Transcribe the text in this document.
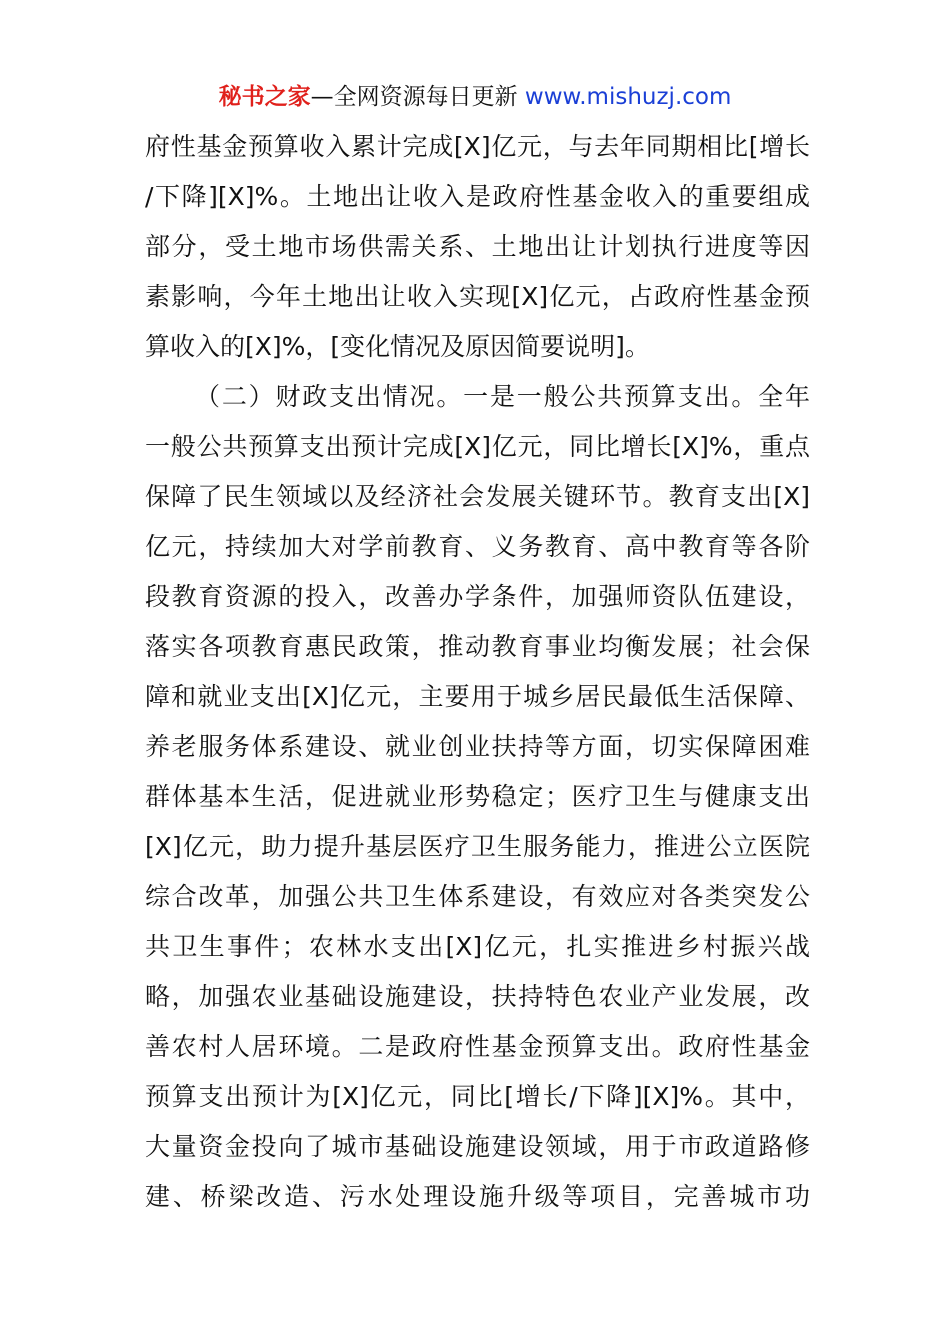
秘书之家—全网资源每日更新 www.mishuzj.com
府性基金预算收入累计完成[X]亿元，与去年同期相比[增长
/下降][X]%。土地出让收入是政府性基金收入的重要组成
部分，受土地市场供需关系、土地出让计划执行进度等因
素影响，今年土地出让收入实现[X]亿元，占政府性基金预
算收入的[X]%，[变化情况及原因简要说明]。
（二）财政支出情况。一是一般公共预算支出。全年
一般公共预算支出预计完成[X]亿元，同比增长[X]%，重点
保障了民生领域以及经济社会发展关键环节。教育支出[X]
亿元，持续加大对学前教育、义务教育、高中教育等各阶
段教育资源的投入，改善办学条件，加强师资队伍建设，
落实各项教育惠民政策，推动教育事业均衡发展；社会保
障和就业支出[X]亿元，主要用于城乡居民最低生活保障、
养老服务体系建设、就业创业扶持等方面，切实保障困难
群体基本生活，促进就业形势稳定；医疗卫生与健康支出
[X]亿元，助力提升基层医疗卫生服务能力，推进公立医院
综合改革，加强公共卫生体系建设，有效应对各类突发公
共卫生事件；农林水支出[X]亿元，扎实推进乡村振兴战
略，加强农业基础设施建设，扶持特色农业产业发展，改
善农村人居环境。二是政府性基金预算支出。政府性基金
预算支出预计为[X]亿元，同比[增长/下降][X]%。其中，
大量资金投向了城市基础设施建设领域，用于市政道路修
建、桥梁改造、污水处理设施升级等项目，完善城市功
